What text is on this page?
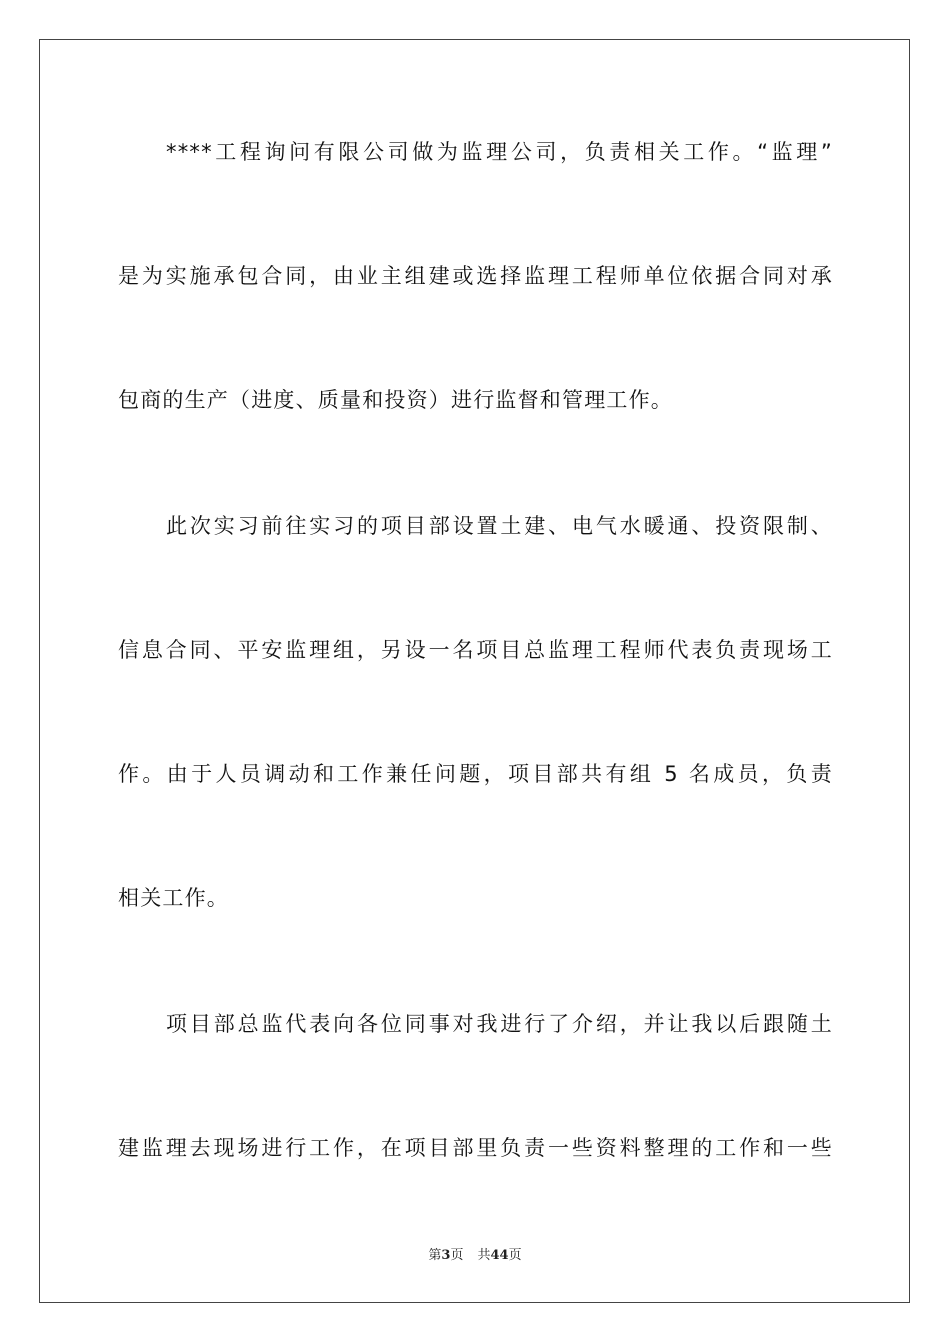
****工程询问有限公司做为监理公司，负责相关工作。“监理”
是为实施承包合同，由业主组建或选择监理工程师单位依据合同对承
包商的生产（进度、质量和投资）进行监督和管理工作。
此次实习前往实习的项目部设置土建、电气水暖通、投资限制、
信息合同、平安监理组，另设一名项目总监理工程师代表负责现场工
作。由于人员调动和工作兼任问题，项目部共有组 5 名成员，负责
相关工作。
项目部总监代表向各位同事对我进行了介绍，并让我以后跟随土
建监理去现场进行工作，在项目部里负责一些资料整理的工作和一些
第3页 共44页
